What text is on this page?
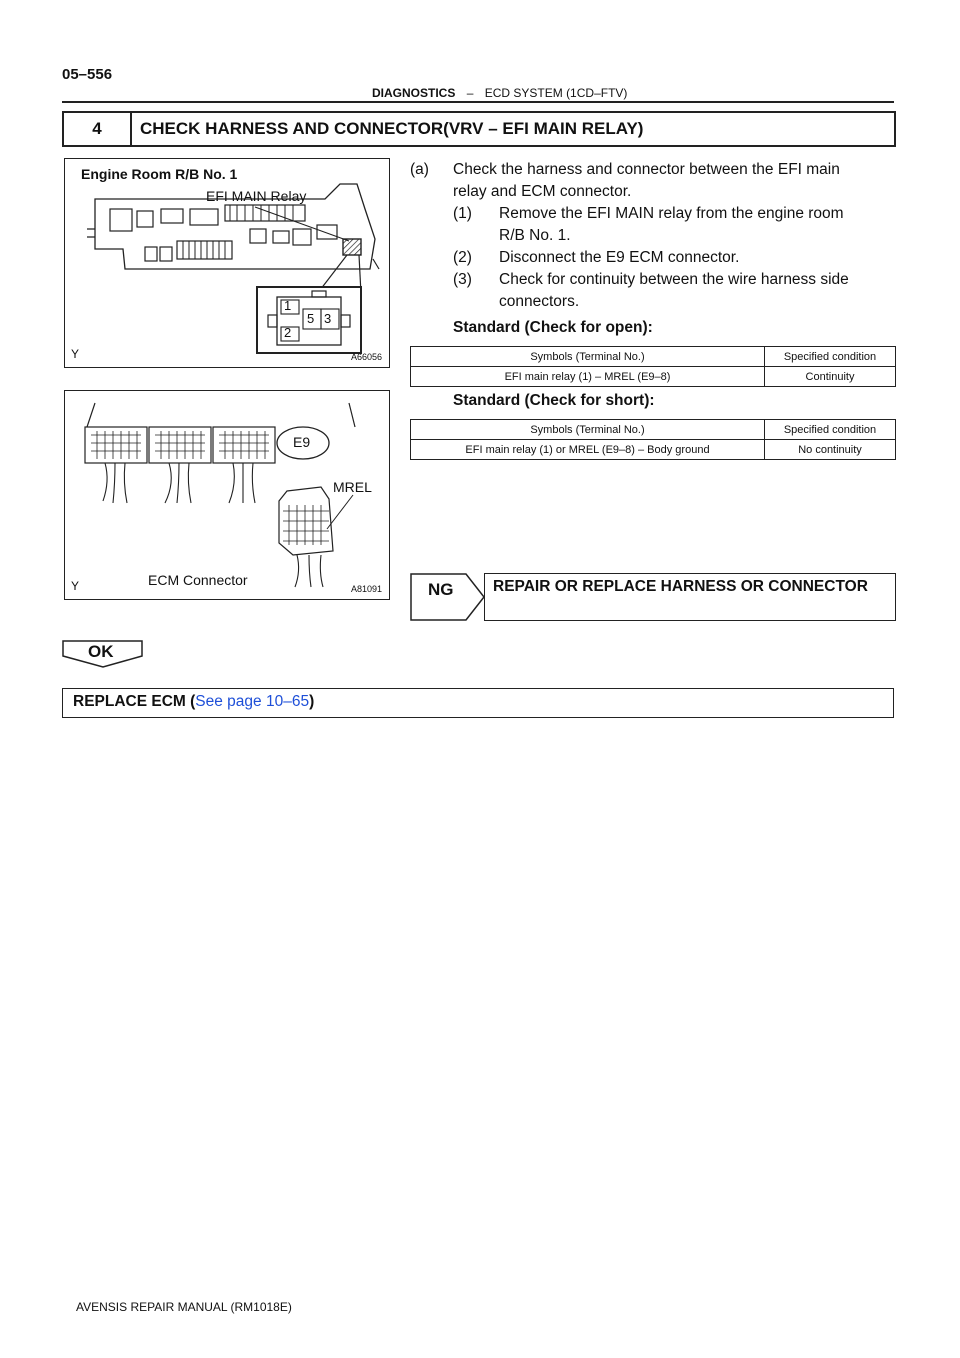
05–556
DIAGNOSTICS – ECD SYSTEM (1CD–FTV)
4	CHECK HARNESS AND CONNECTOR(VRV – EFI MAIN RELAY)
Engine Room R/B No. 1
EFI MAIN Relay
1
2
5 3
Y	A66056
E9
MREL
ECM Connector
Y	A81091
(a) Check the harness and connector between the EFI main
relay and ECM connector.
(1) Remove the EFI MAIN relay from the engine room
R/B No. 1.
(2) Disconnect the E9 ECM connector.
(3) Check for continuity between the wire harness side
connectors.
Standard (Check for open):
Symbols (Terminal No.)	Specified condition
EFI main relay (1) – MREL (E9–8)	Continuity
Standard (Check for short):
Symbols (Terminal No.)	Specified condition
EFI main relay (1) or MREL (E9–8) – Body ground	No continuity
NG	REPAIR OR REPLACE HARNESS OR CONNECTOR
OK
REPLACE ECM (See page 10–65)
AVENSIS REPAIR MANUAL (RM1018E)
